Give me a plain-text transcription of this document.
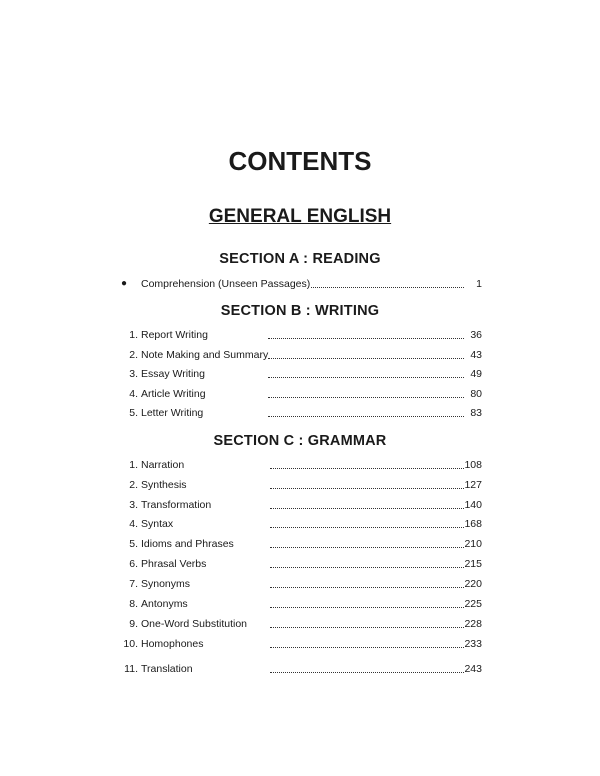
CONTENTS
GENERAL ENGLISH
SECTION A : READING
● Comprehension (Unseen Passages)	1
SECTION B : WRITING
1. Report Writing	36
2. Note Making and Summary	43
3. Essay Writing	49
4. Article Writing	80
5. Letter Writing	83
SECTION C : GRAMMAR
1. Narration	108
2. Synthesis	127
3. Transformation	140
4. Syntax	168
5. Idioms and Phrases	210
6. Phrasal Verbs	215
7. Synonyms	220
8. Antonyms	225
9. One-Word Substitution	228
10. Homophones	233
11. Translation	243
